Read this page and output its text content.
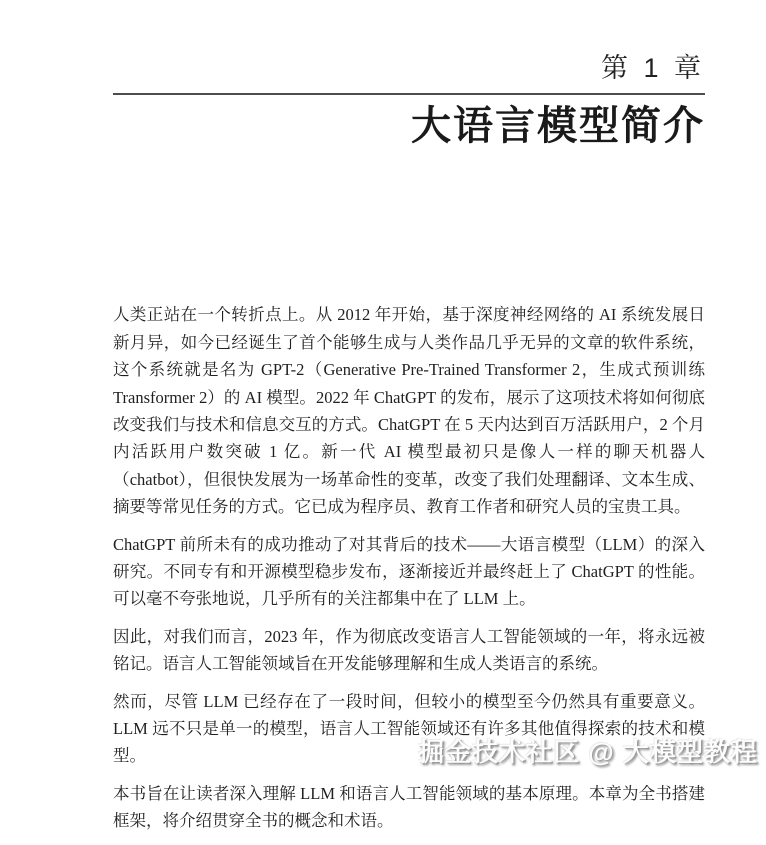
第 1 章
大语言模型简介

人类正站在一个转折点上。从 2012 年开始，基于深度神经网络的 AI 系统发展日新月异，如今已经诞生了首个能够生成与人类作品几乎无异的文章的软件系统，这个系统就是名为 GPT-2（Generative Pre-Trained Transformer 2，生成式预训练 Transformer 2）的 AI 模型。2022 年 ChatGPT 的发布，展示了这项技术将如何彻底改变我们与技术和信息交互的方式。ChatGPT 在 5 天内达到百万活跃用户，2 个月内活跃用户数突破 1 亿。新一代 AI 模型最初只是像人一样的聊天机器人（chatbot），但很快发展为一场革命性的变革，改变了我们处理翻译、文本生成、摘要等常见任务的方式。它已成为程序员、教育工作者和研究人员的宝贵工具。

ChatGPT 前所未有的成功推动了对其背后的技术——大语言模型（LLM）的深入研究。不同专有和开源模型稳步发布，逐渐接近并最终赶上了 ChatGPT 的性能。可以毫不夸张地说，几乎所有的关注都集中在了 LLM 上。

因此，对我们而言，2023 年，作为彻底改变语言人工智能领域的一年，将永远被铭记。语言人工智能领域旨在开发能够理解和生成人类语言的系统。

然而，尽管 LLM 已经存在了一段时间，但较小的模型至今仍然具有重要意义。LLM 远不只是单一的模型，语言人工智能领域还有许多其他值得探索的技术和模型。

本书旨在让读者深入理解 LLM 和语言人工智能领域的基本原理。本章为全书搭建框架，将介绍贯穿全书的概念和术语。

掘金技术社区 @ 大模型教程
